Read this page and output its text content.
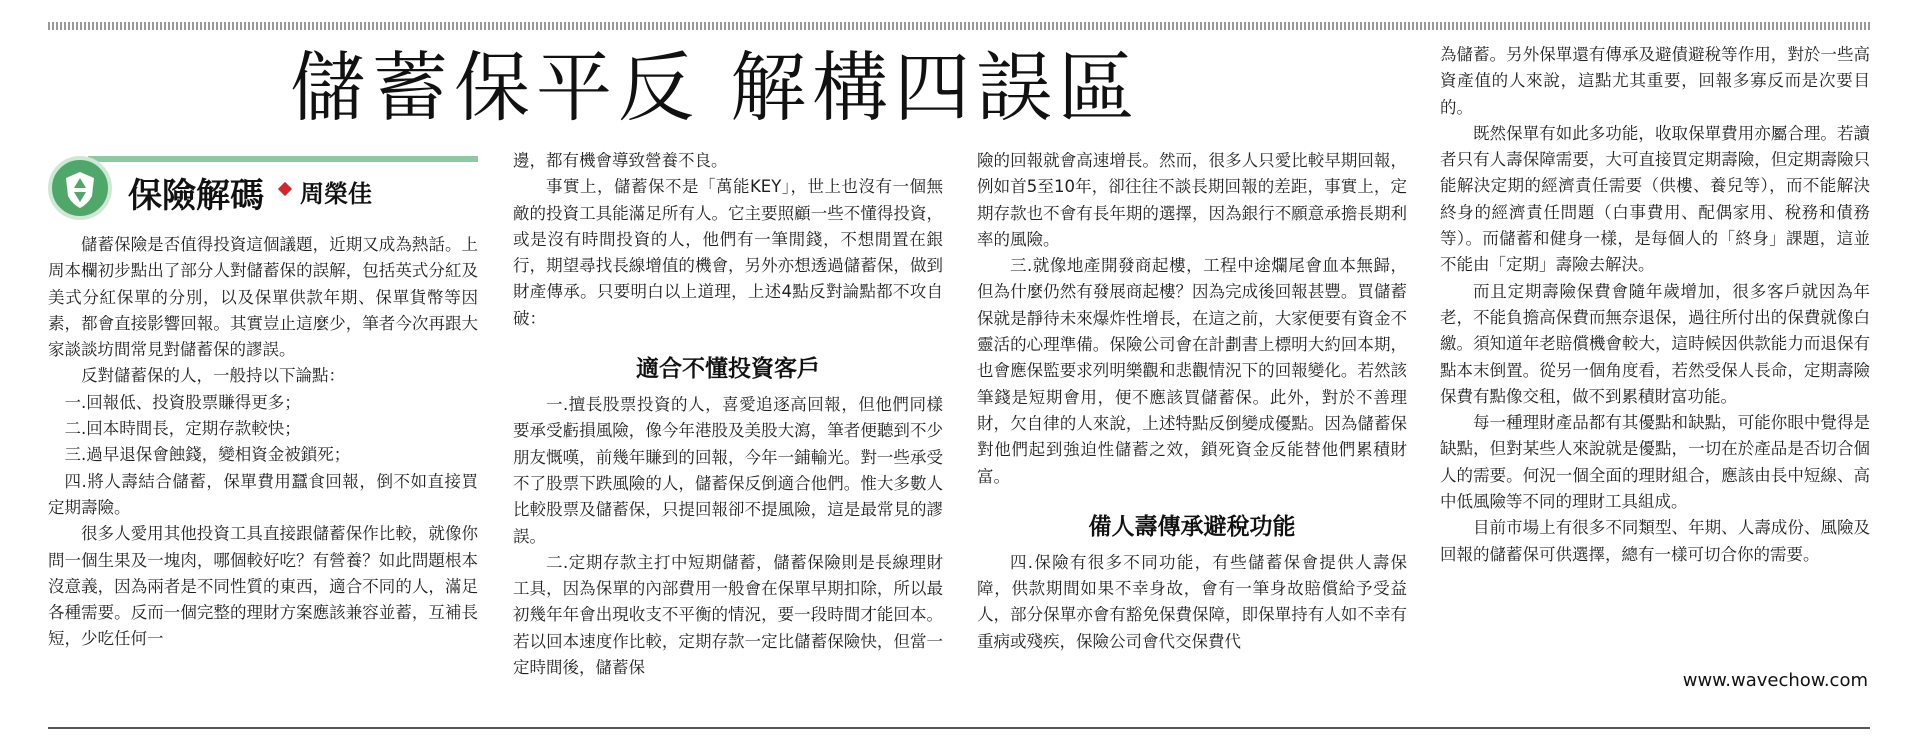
儲蓄保平反 解構四誤區
保險解碼 周榮佳

儲蓄保險是否值得投資這個議題，近期又成為熱話。上周本欄初步點出了部分人對儲蓄保的誤解，包括英式分紅及美式分紅保單的分別，以及保單供款年期、保單貨幣等因素，都會直接影響回報。其實豈止這麼少，筆者今次再跟大家談談坊間常見對儲蓄保的謬誤。

反對儲蓄保的人，一般持以下論點：

一.回報低、投資股票賺得更多；

二.回本時間長，定期存款較快；

三.過早退保會蝕錢，變相資金被鎖死；

四.將人壽結合儲蓄，保單費用蠶食回報，倒不如直接買定期壽險。

很多人愛用其他投資工具直接跟儲蓄保作比較，就像你問一個生果及一塊肉，哪個較好吃？有營養？如此問題根本沒意義，因為兩者是不同性質的東西，適合不同的人，滿足各種需要。反而一個完整的理財方案應該兼容並蓄，互補長短，少吃任何一

邊，都有機會導致營養不良。

事實上，儲蓄保不是「萬能KEY」，世上也沒有一個無敵的投資工具能滿足所有人。它主要照顧一些不懂得投資，或是沒有時間投資的人，他們有一筆閒錢，不想閒置在銀行，期望尋找長線增值的機會，另外亦想透過儲蓄保，做到財產傳承。只要明白以上道理，上述4點反對論點都不攻自破：

適合不懂投資客戶

一.擅長股票投資的人，喜愛追逐高回報，但他們同樣要承受虧損風險，像今年港股及美股大瀉，筆者便聽到不少朋友慨嘆，前幾年賺到的回報，今年一鋪輸光。對一些承受不了股票下跌風險的人，儲蓄保反倒適合他們。惟大多數人比較股票及儲蓄保，只提回報卻不提風險，這是最常見的謬誤。

二.定期存款主打中短期儲蓄，儲蓄保險則是長線理財工具，因為保單的內部費用一般會在保單早期扣除，所以最初幾年年會出現收支不平衡的情況，要一段時間才能回本。若以回本速度作比較，定期存款一定比儲蓄保險快，但當一定時間後，儲蓄保

險的回報就會高速增長。然而，很多人只愛比較早期回報，例如首5至10年，卻往往不談長期回報的差距，事實上，定期存款也不會有長年期的選擇，因為銀行不願意承擔長期利率的風險。

三.就像地產開發商起樓，工程中途爛尾會血本無歸，但為什麼仍然有發展商起樓？因為完成後回報甚豐。買儲蓄保就是靜待未來爆炸性增長，在這之前，大家便要有資金不靈活的心理準備。保險公司會在計劃書上標明大約回本期，也會應保監要求列明樂觀和悲觀情況下的回報變化。若然該筆錢是短期會用，便不應該買儲蓄保。此外，對於不善理財，欠自律的人來說，上述特點反倒變成優點。因為儲蓄保對他們起到強迫性儲蓄之效，鎖死資金反能替他們累積財富。

備人壽傳承避稅功能

四.保險有很多不同功能，有些儲蓄保會提供人壽保障，供款期間如果不幸身故，會有一筆身故賠償給予受益人，部分保單亦會有豁免保費保障，即保單持有人如不幸有重病或殘疾，保險公司會代交保費代

為儲蓄。另外保單還有傳承及避債避稅等作用，對於一些高資產值的人來說，這點尤其重要，回報多寡反而是次要目的。

既然保單有如此多功能，收取保單費用亦屬合理。若讀者只有人壽保障需要，大可直接買定期壽險，但定期壽險只能解決定期的經濟責任需要（供樓、養兒等），而不能解決終身的經濟責任問題（白事費用、配偶家用、稅務和債務等）。而儲蓄和健身一樣，是每個人的「終身」課題，這並不能由「定期」壽險去解決。

而且定期壽險保費會隨年歲增加，很多客戶就因為年老，不能負擔高保費而無奈退保，過往所付出的保費就像白繳。須知道年老賠償機會較大，這時候因供款能力而退保有點本末倒置。從另一個角度看，若然受保人長命，定期壽險保費有點像交租，做不到累積財富功能。

每一種理財產品都有其優點和缺點，可能你眼中覺得是缺點，但對某些人來說就是優點，一切在於產品是否切合個人的需要。何況一個全面的理財組合，應該由長中短線、高中低風險等不同的理財工具組成。

目前市場上有很多不同類型、年期、人壽成份、風險及回報的儲蓄保可供選擇，總有一樣可切合你的需要。

www.wavechow.com
